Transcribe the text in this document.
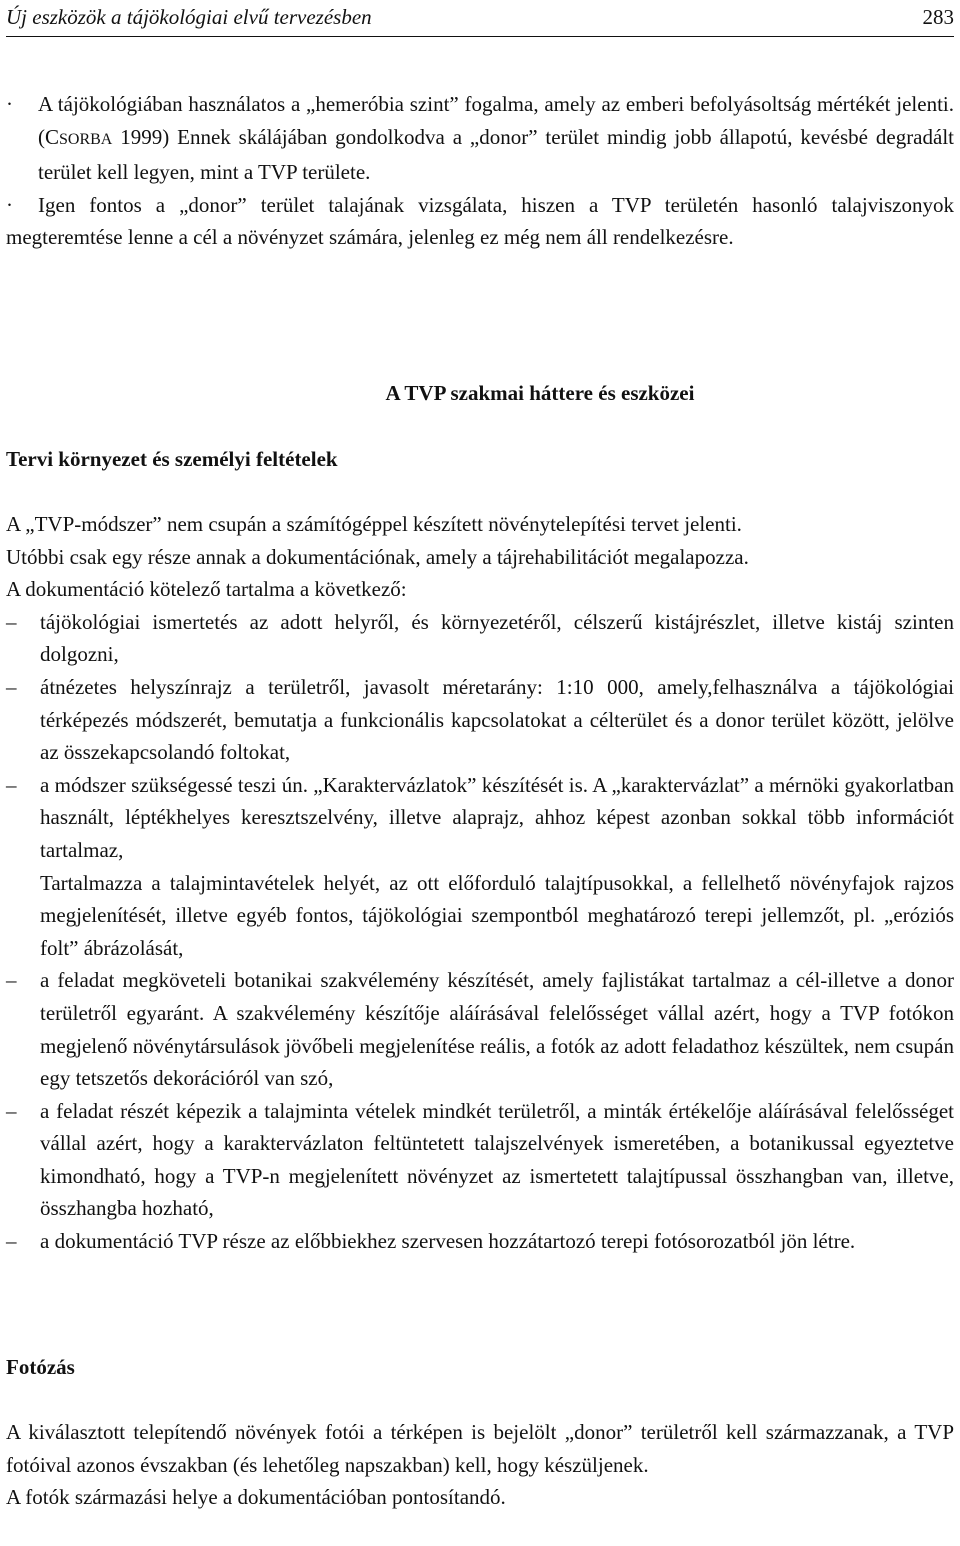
Új eszközök a tájökológiai elvű tervezésben	283
·	A tájökológiában használatos a „hemeróbia szint” fogalma, amely az emberi befolyásoltság mértékét jelenti. (CSORBA 1999) Ennek skálájában gondolkodva a „donor” terület mindig jobb állapotú, kevésbé degradált terület kell legyen, mint a TVP területe.

·	Igen fontos a „donor” terület talajának vizsgálata, hiszen a TVP területén hasonló talajviszonyok megteremtése lenne a cél a növényzet számára, jelenleg ez még nem áll rendelkezésre.

A TVP szakmai háttere és eszközei
Tervi környezet és személyi feltételek

A „TVP-módszer” nem csupán a számítógéppel készített növénytelepítési tervet jelenti.

Utóbbi csak egy része annak a dokumentációnak, amely a tájrehabilitációt megalapozza.

A dokumentáció kötelező tartalma a következő:

–	tájökológiai ismertetés az adott helyről, és környezetéről, célszerű kistájrészlet, illetve kistáj szinten dolgozni,

–	átnézetes helyszínrajz a területről, javasolt méretarány: 1:10 000, amely,felhasználva a tájökológiai térképezés módszerét, bemutatja a funkcionális kapcsolatokat a célterület és a donor terület között, jelölve az összekapcsolandó foltokat,

–	a módszer szükségessé teszi ún. „Karaktervázlatok” készítését is. A „karaktervázlat” a mérnöki gyakorlatban használt, léptékhelyes keresztszelvény, illetve alaprajz, ahhoz képest azonban sokkal több információt tartalmaz,

Tartalmazza a talajmintavételek helyét, az ott előforduló talajtípusokkal, a fellelhető növényfajok rajzos megjelenítését, illetve egyéb fontos, tájökológiai szempontból meghatározó terepi jellemzőt, pl. „eróziós folt” ábrázolását,

–	a feladat megköveteli botanikai szakvélemény készítését, amely fajlistákat tartalmaz a cél-illetve a donor területről egyaránt. A szakvélemény készítője aláírásával felelősséget vállal azért, hogy a TVP fotókon megjelenő növénytársulások jövőbeli megjelenítése reális, a fotók az adott feladathoz készültek, nem csupán egy tetszetős dekorációról van szó,

–	a feladat részét képezik a talajminta vételek mindkét területről, a minták értékelője aláírásával felelősséget vállal azért, hogy a karaktervázlaton feltüntetett talajszelvények ismeretében, a botanikussal egyeztetve kimondható, hogy a TVP-n megjelenített növényzet az ismertetett talajtípussal összhangban van, illetve, összhangba hozható,

–	a dokumentáció TVP része az előbbiekhez szervesen hozzátartozó terepi fotósorozatból jön létre.

Fotózás

A kiválasztott telepítendő növények fotói a térképen is bejelölt „donor” területről kell származzanak, a TVP fotóival azonos évszakban (és lehetőleg napszakban) kell, hogy készüljenek.

A fotók származási helye a dokumentációban pontosítandó.
